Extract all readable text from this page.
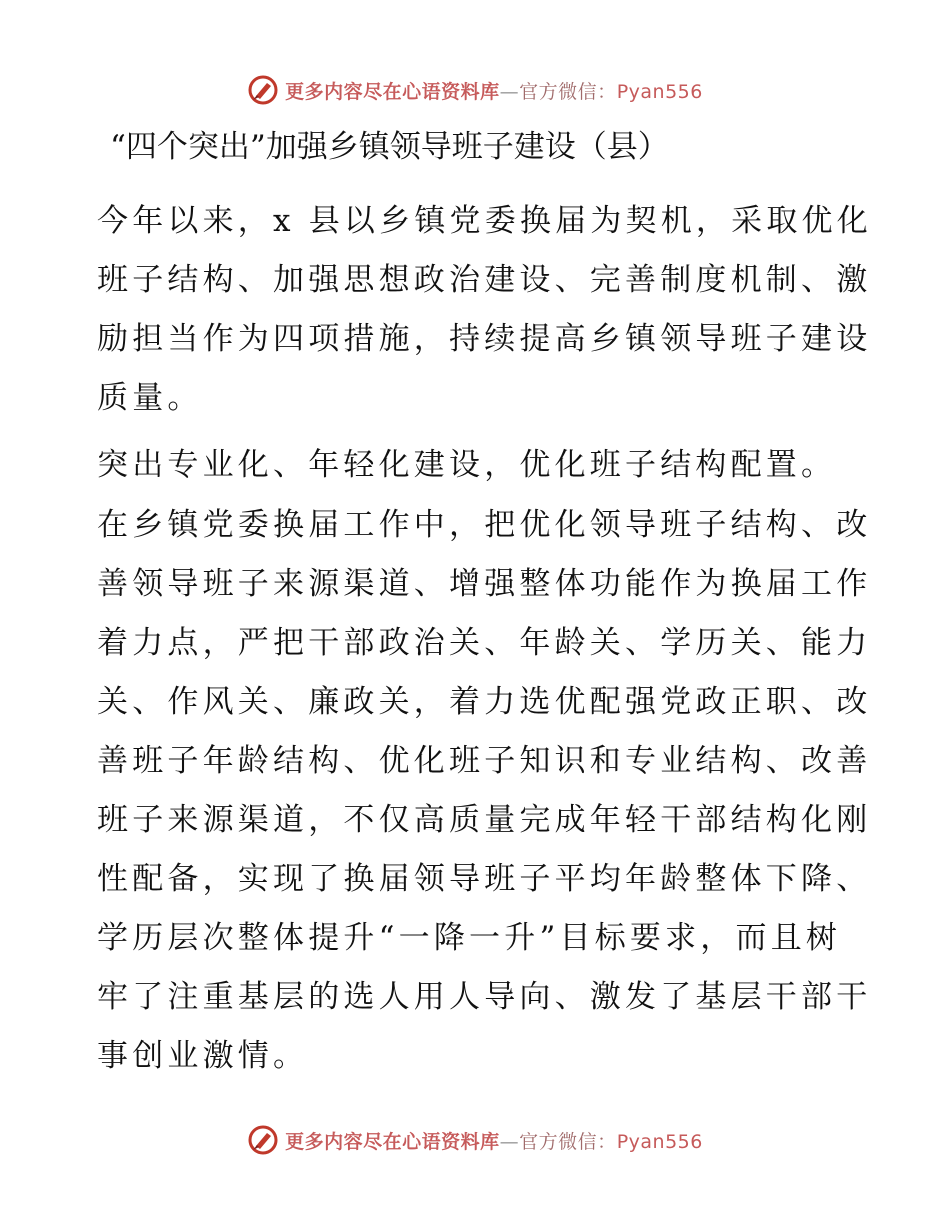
更多内容尽在心语资料库—官方微信：Pyan556
“四个突出”加强乡镇领导班子建设（县）
今年以来，x 县以乡镇党委换届为契机，采取优化
班子结构、加强思想政治建设、完善制度机制、激
励担当作为四项措施，持续提高乡镇领导班子建设
质量。
突出专业化、年轻化建设，优化班子结构配置。
在乡镇党委换届工作中，把优化领导班子结构、改
善领导班子来源渠道、增强整体功能作为换届工作
着力点，严把干部政治关、年龄关、学历关、能力
关、作风关、廉政关，着力选优配强党政正职、改
善班子年龄结构、优化班子知识和专业结构、改善
班子来源渠道，不仅高质量完成年轻干部结构化刚
性配备，实现了换届领导班子平均年龄整体下降、
学历层次整体提升“一降一升”目标要求，而且树
牢了注重基层的选人用人导向、激发了基层干部干
事创业激情。
更多内容尽在心语资料库—官方微信：Pyan556
